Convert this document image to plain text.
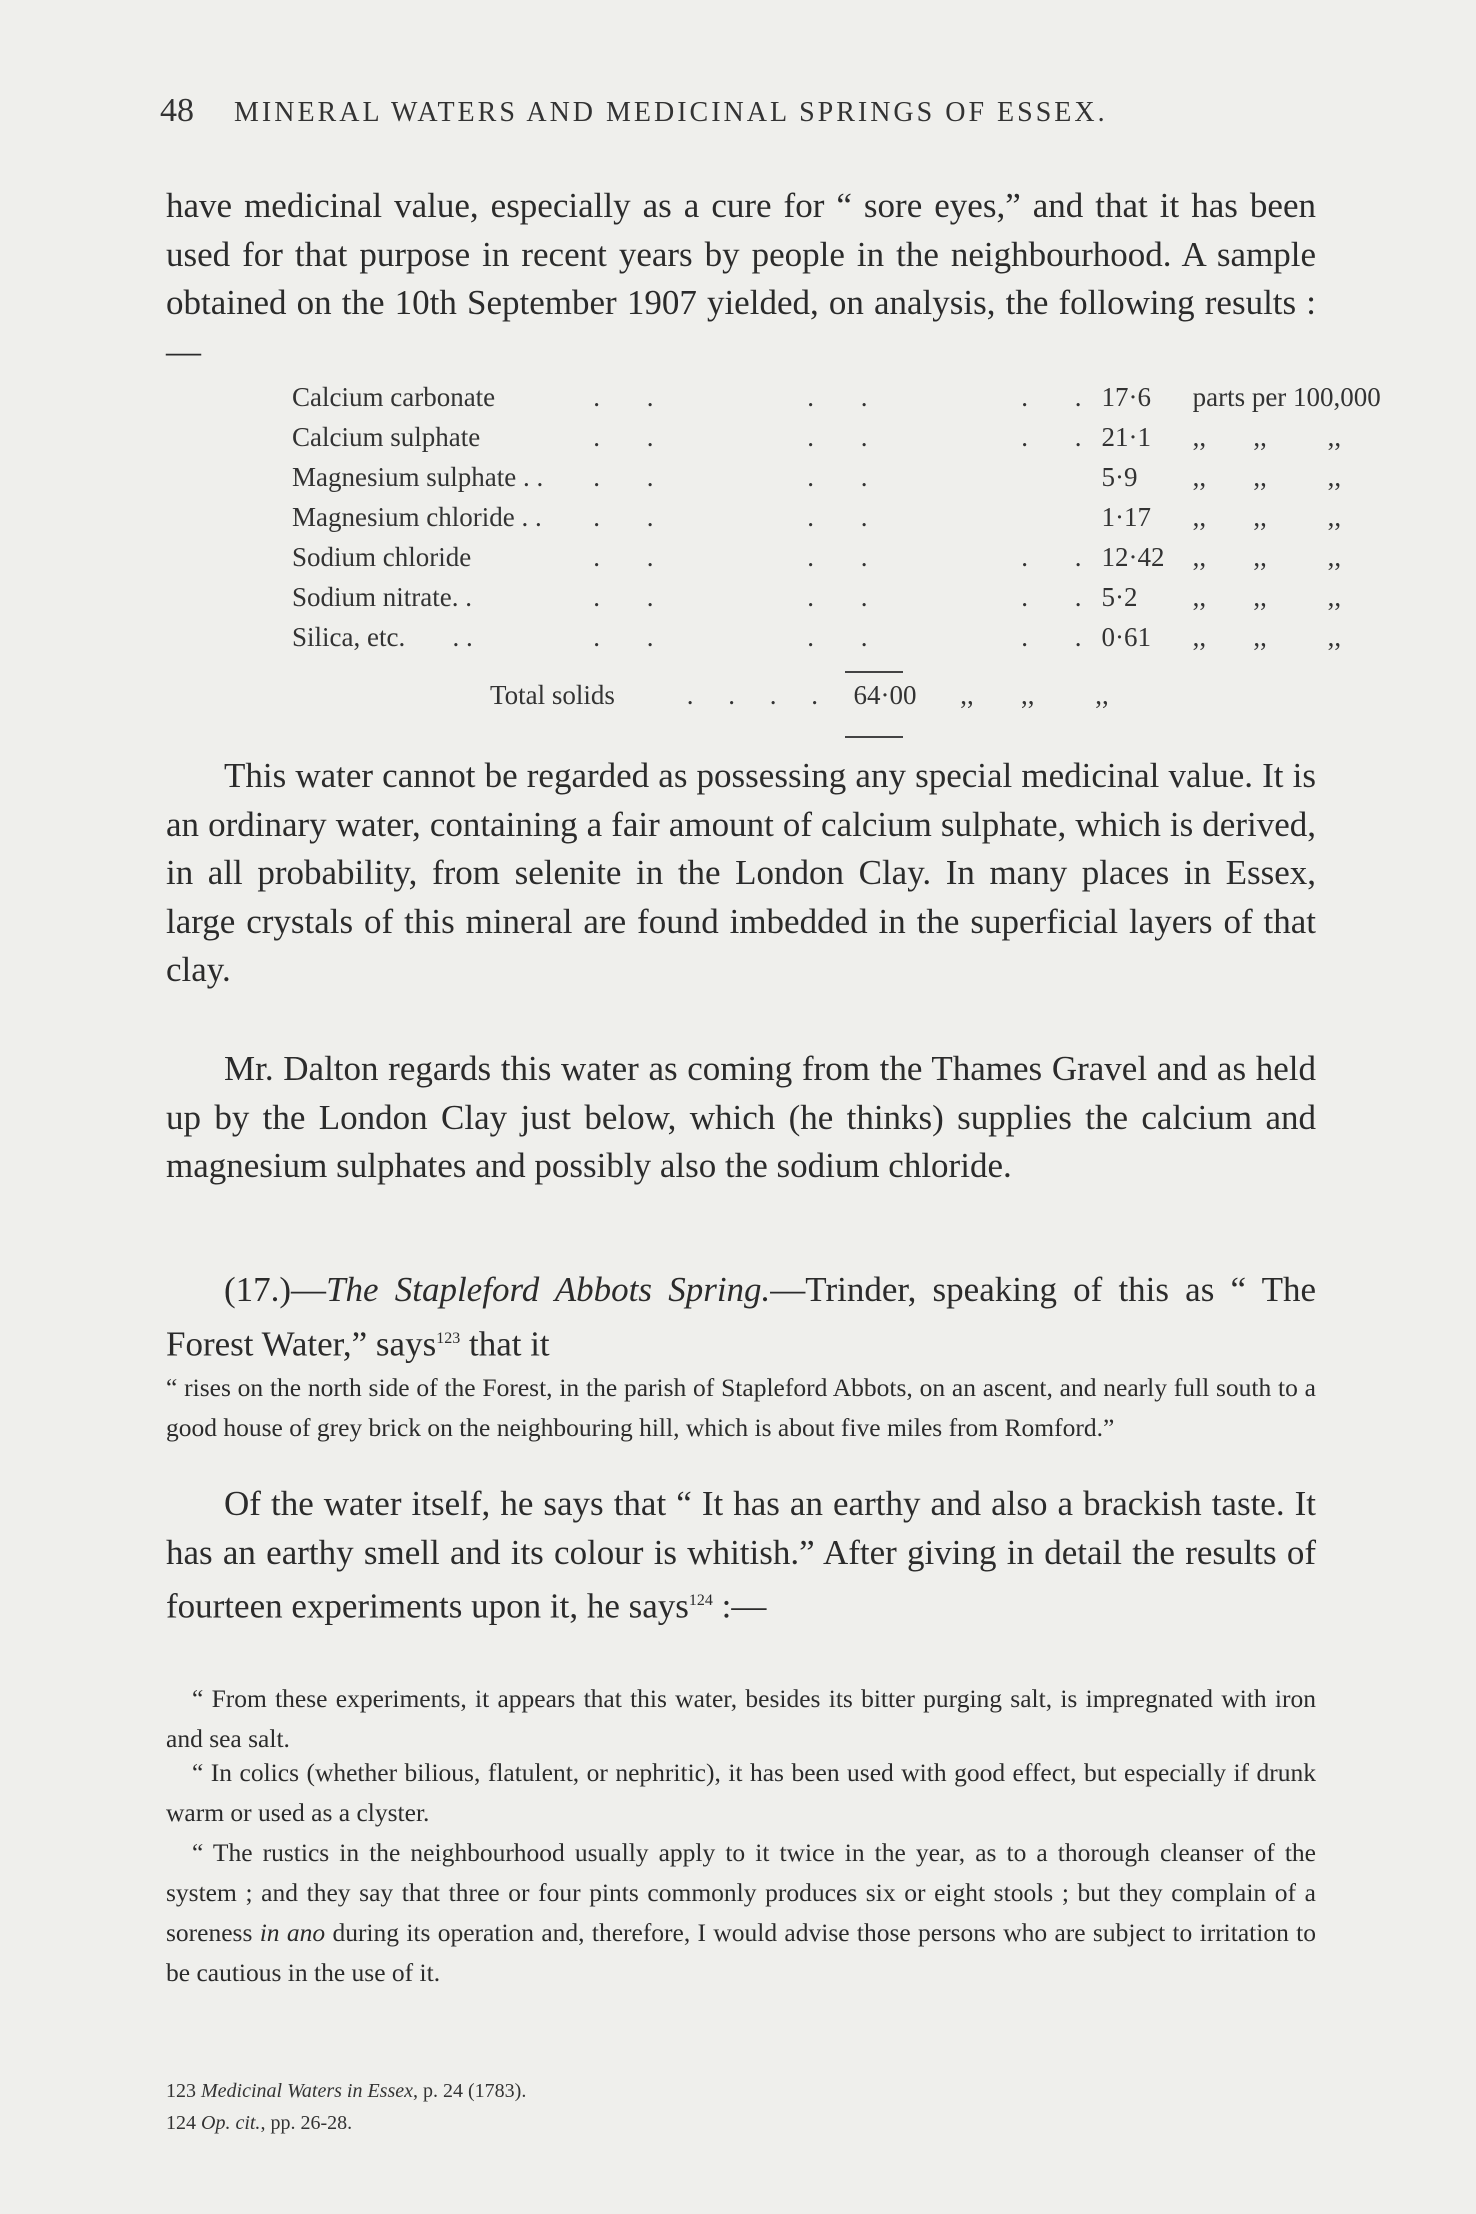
48 MINERAL WATERS AND MEDICINAL SPRINGS OF ESSEX.

have medicinal value, especially as a cure for “ sore eyes,” and that it has been used for that purpose in recent years by people in the neighbourhood. A sample obtained on the 10th September 1907 yielded, on analysis, the following results :—

Calcium carbonate	. .     . .     . .	17·6	parts per 100,000
Calcium sulphate	. .     . .     . .	21·1	,,       ,,         ,,
Magnesium sulphate . .	. .     . .	5·9	,,       ,,         ,,
Magnesium chloride . .	. .     . .	1·17	,,       ,,         ,,
Sodium chloride	. .     . .     . .	12·42	,,       ,,         ,,
Sodium nitrate. .	. .     . .     . .	5·2	,,       ,,         ,,
Silica, etc.       . .	. .     . .     . .	0·61	,,       ,,         ,,
Total solids	. . . . 64·00 ,,       ,,         ,,

This water cannot be regarded as possessing any special medicinal value. It is an ordinary water, containing a fair amount of calcium sulphate, which is derived, in all probability, from selenite in the London Clay. In many places in Essex, large crystals of this mineral are found imbedded in the superficial layers of that clay.

Mr. Dalton regards this water as coming from the Thames Gravel and as held up by the London Clay just below, which (he thinks) supplies the calcium and magnesium sulphates and possibly also the sodium chloride.

(17.)—The Stapleford Abbots Spring.—Trinder, speaking of this as “ The Forest Water,” says$^{123}$ that it

“ rises on the north side of the Forest, in the parish of Stapleford Abbots, on an ascent, and nearly full south to a good house of grey brick on the neighbouring hill, which is about five miles from Romford.”

Of the water itself, he says that “ It has an earthy and also a brackish taste. It has an earthy smell and its colour is whitish.” After giving in detail the results of fourteen experiments upon it, he says$^{124}$ :—

“ From these experiments, it appears that this water, besides its bitter purging salt, is impregnated with iron and sea salt.

“ In colics (whether bilious, flatulent, or nephritic), it has been used with good effect, but especially if drunk warm or used as a clyster.

“ The rustics in the neighbourhood usually apply to it twice in the year, as to a thorough cleanser of the system ; and they say that three or four pints commonly produces six or eight stools ; but they complain of a soreness in ano during its operation and, therefore, I would advise those persons who are subject to irritation to be cautious in the use of it.

123 Medicinal Waters in Essex, p. 24 (1783).
124 Op. cit., pp. 26-28.
